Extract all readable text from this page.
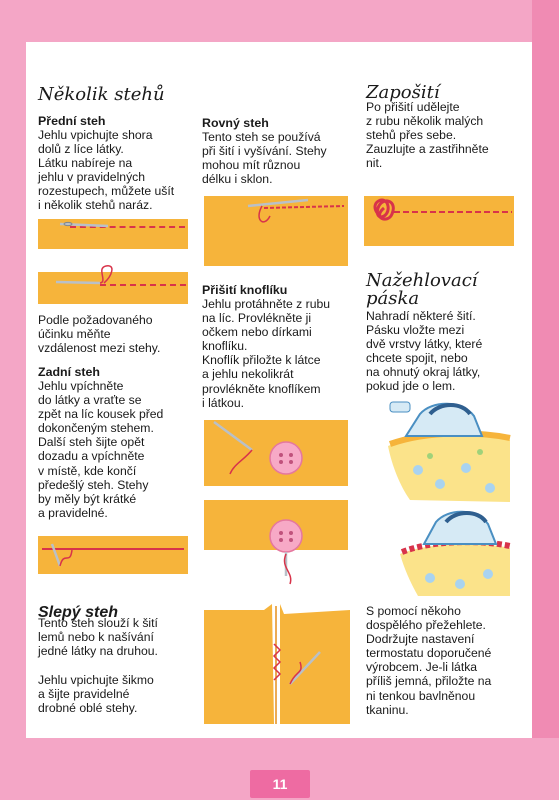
11
Několik stehů
Přední steh
Jehlu vpichujte shora
dolů z líce látky.
Látku nabíreje na
jehlu v pravidelných
rozestupech, můžete ušít
i několik stehů naráz.
Podle požadovaného
účinku měňte
vzdálenost mezi stehy.
Zadní steh
Jehlu vpíchněte
do látky a vraťte se
zpět na líc kousek před
dokončeným stehem.
Další steh šijte opět
dozadu a vpíchněte
v místě, kde končí
předešlý steh. Stehy
by měly být krátké
a pravidelné.
Slepý steh
Tento steh slouží k šití
lemů nebo k našívání
jedné látky na druhou.
Jehlu vpichujte šikmo
a šijte pravidelné
drobné oblé stehy.
Rovný steh
Tento steh se používá
při šití i vyšívání. Stehy
mohou mít různou
délku i sklon.
Přišití knoflíku
Jehlu protáhněte z rubu
na líc. Provlékněte ji
očkem nebo dírkami
knoflíku.
Knoflík přiložte k látce
a jehlu nekolikrát
provlékněte knoflíkem
i látkou.
Zapošití
Po přišití udělejte
z rubu několik malých
stehů přes sebe.
Zauzlujte a zastřihněte
nit.
Nažehlovací
páska
Nahradí některé šití.
Pásku vložte mezi
dvě vrstvy látky, které
chcete spojit, nebo
na ohnutý okraj látky,
pokud jde o lem.
S pomocí někoho
dospělého přežehlete.
Dodržujte nastavení
termostatu doporučené
výrobcem. Je-li látka
příliš jemná, přiložte na
ni tenkou bavlněnou
tkaninu.
